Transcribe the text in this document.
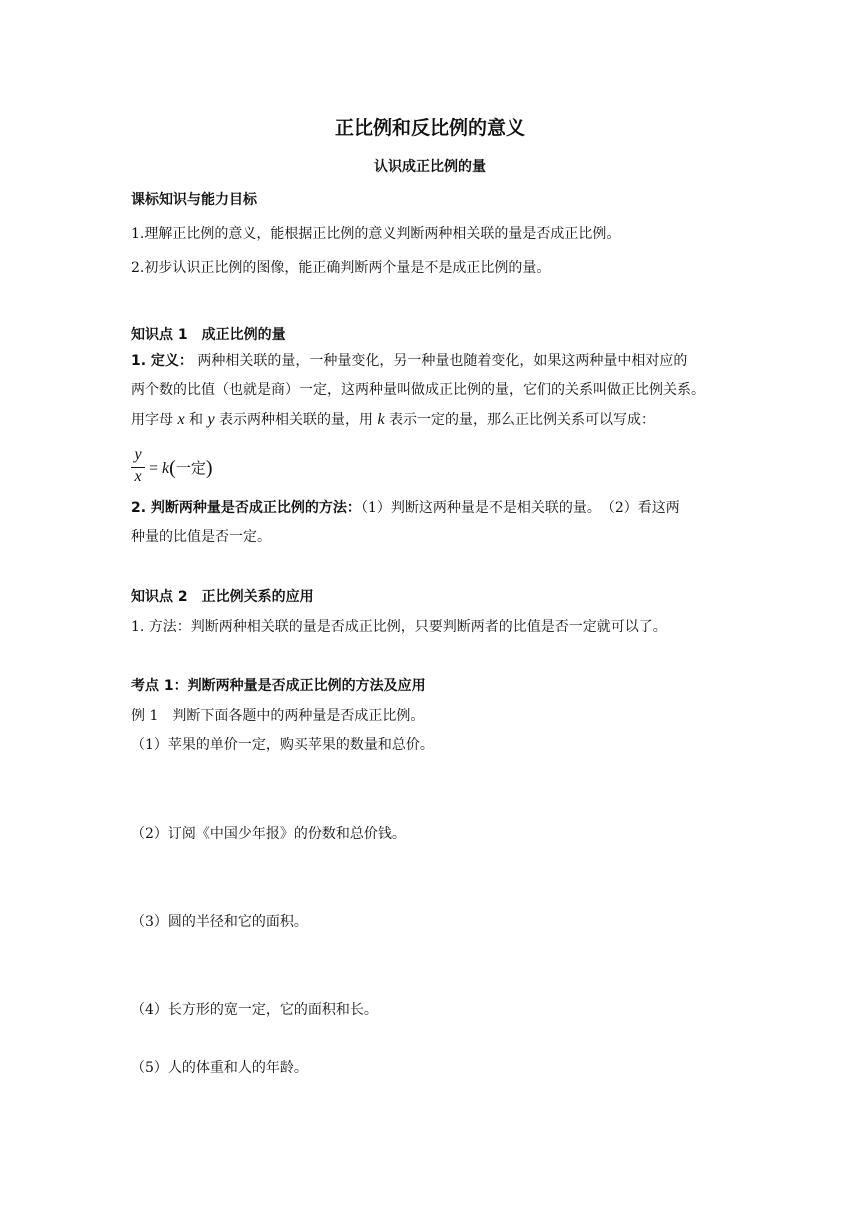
正比例和反比例的意义
认识成正比例的量
课标知识与能力目标
1.理解正比例的意义，能根据正比例的意义判断两种相关联的量是否成正比例。
2.初步认识正比例的图像，能正确判断两个量是不是成正比例的量。
知识点 1　成正比例的量
1. 定义： 两种相关联的量，一种量变化，另一种量也随着变化，如果这两种量中相对应的
两个数的比值（也就是商）一定，这两种量叫做成正比例的量，它们的关系叫做正比例关系。
用字母 x 和 y 表示两种相关联的量，用 k 表示一定的量，那么正比例关系可以写成：
y
x = k(一定)
2. 判断两种量是否成正比例的方法：（1）判断这两种量是不是相关联的量。　（2）看这两
种量的比值是否一定。
知识点 2　正比例关系的应用
1. 方法：判断两种相关联的量是否成正比例，只要判断两者的比值是否一定就可以了。
考点 1：判断两种量是否成正比例的方法及应用
例 1　判断下面各题中的两种量是否成正比例。
（1）苹果的单价一定，购买苹果的数量和总价。
（2）订阅《中国少年报》的份数和总价钱。
（3）圆的半径和它的面积。
（4）长方形的宽一定，它的面积和长。
（5）人的体重和人的年龄。
